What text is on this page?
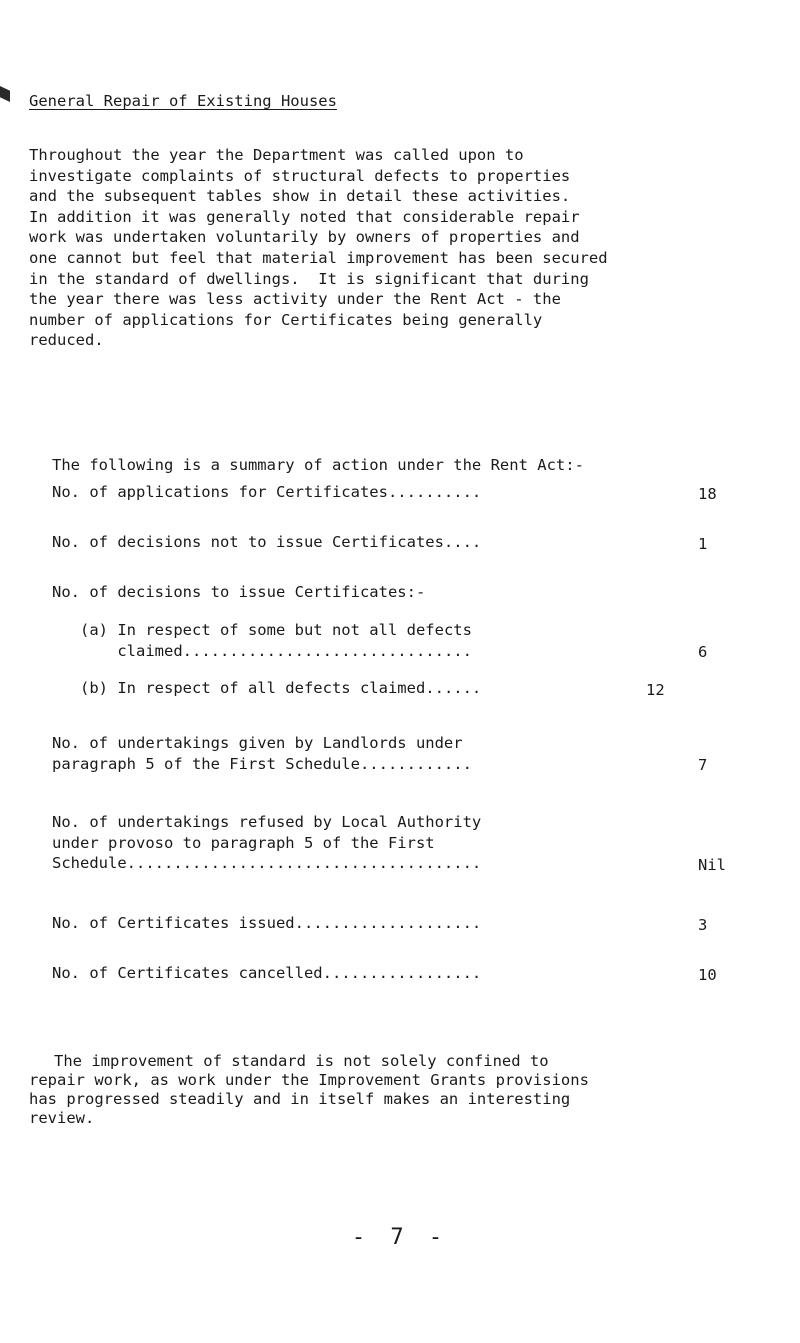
General Repair of Existing Houses

Throughout the year the Department was called upon to

investigate complaints of structural defects to properties

and the subsequent tables show in detail these activities.

In addition it was generally noted that considerable repair

work was undertaken voluntarily by owners of properties and

one cannot but feel that material improvement has been secured

in the standard of dwellings.  It is significant that during

the year there was less activity under the Rent Act - the

number of applications for Certificates being generally

reduced.

The following is a summary of action under the Rent Act:-
No. of applications for Certificates..........	18
No. of decisions not to issue Certificates....	1
No. of decisions to issue Certificates:-
(a) In respect of some but not all defects
claimed...............................	6
(b) In respect of all defects claimed......	12
No. of undertakings given by Landlords under
paragraph 5 of the First Schedule............	7
No. of undertakings refused by Local Authority
under provoso to paragraph 5 of the First
Schedule......................................	Nil
No. of Certificates issued....................	3
No. of Certificates cancelled.................	10

The improvement of standard is not solely confined to

repair work, as work under the Improvement Grants provisions

has progressed steadily and in itself makes an interesting

review.

- 7 -
